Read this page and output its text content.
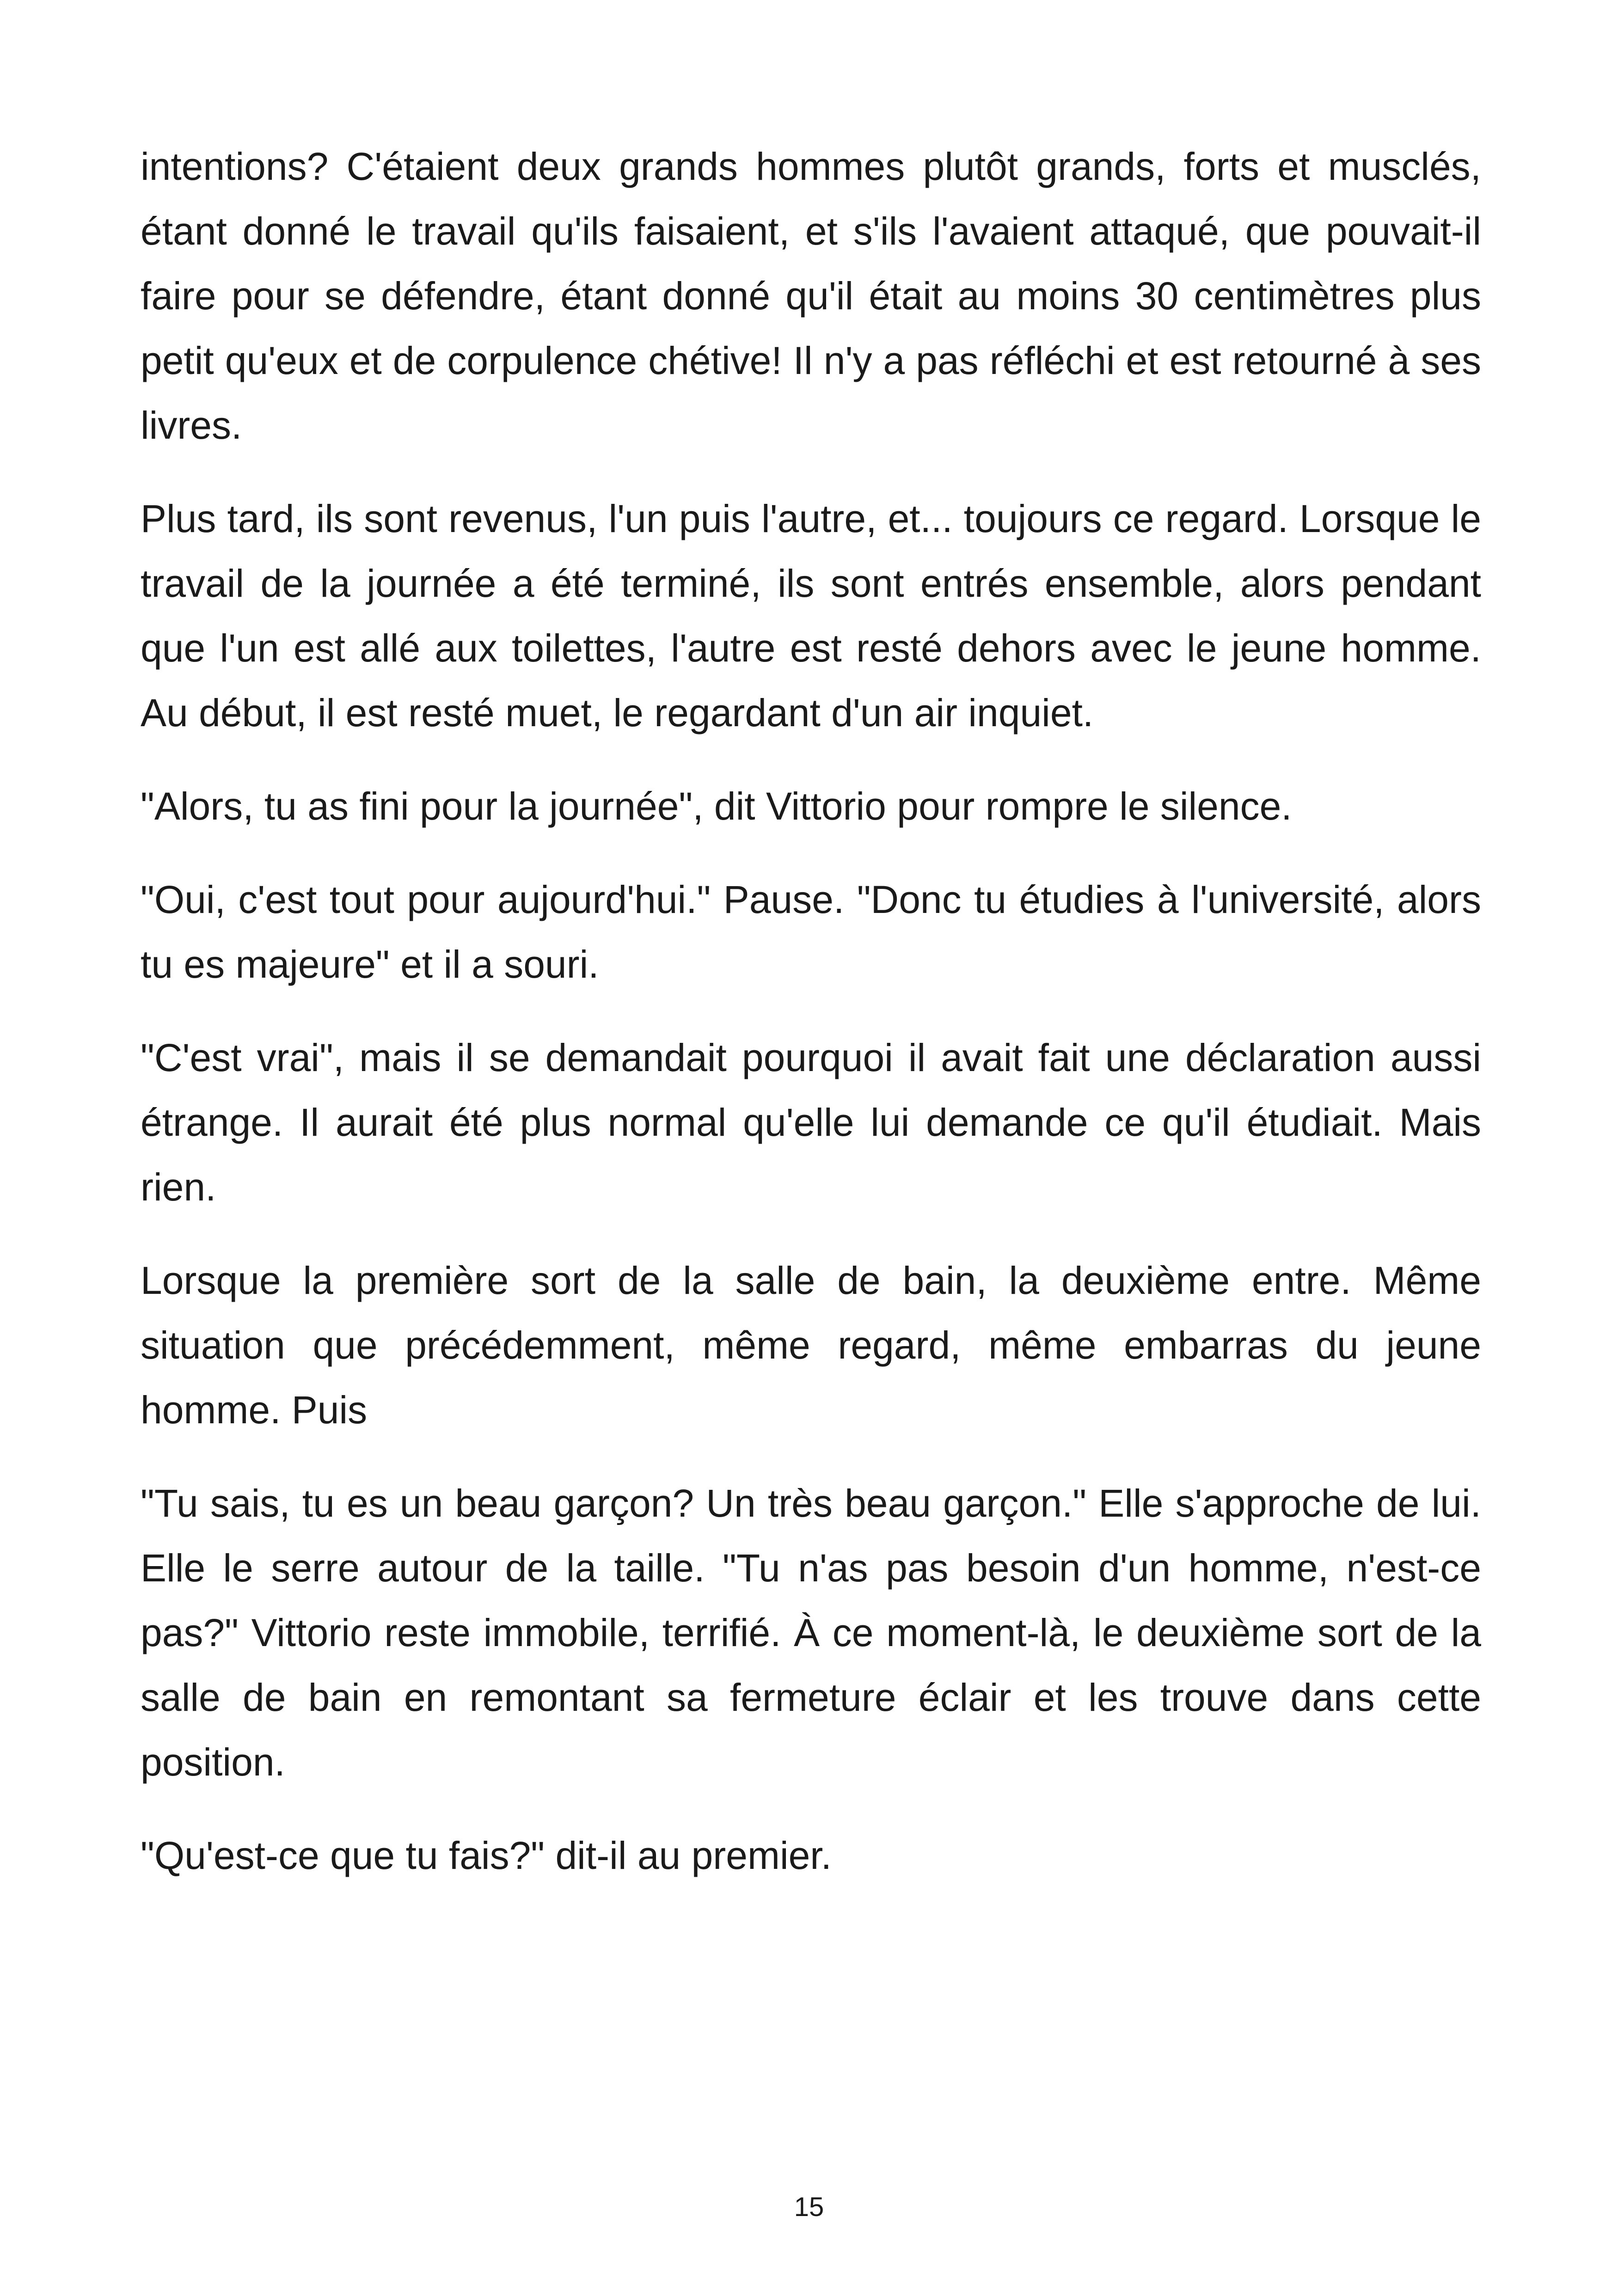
intentions? C'étaient deux grands hommes plutôt grands, forts et musclés, étant donné le travail qu'ils faisaient, et s'ils l'avaient attaqué, que pouvait-il faire pour se défendre, étant donné qu'il était au moins 30 centimètres plus petit qu'eux et de corpulence chétive! Il n'y a pas réfléchi et est retourné à ses livres.

Plus tard, ils sont revenus, l'un puis l'autre, et... toujours ce regard. Lorsque le travail de la journée a été terminé, ils sont entrés ensemble, alors pendant que l'un est allé aux toilettes, l'autre est resté dehors avec le jeune homme. Au début, il est resté muet, le regardant d'un air inquiet.

"Alors, tu as fini pour la journée", dit Vittorio pour rompre le silence.

"Oui, c'est tout pour aujourd'hui." Pause. "Donc tu étudies à l'université, alors tu es majeure" et il a souri.

"C'est vrai", mais il se demandait pourquoi il avait fait une déclaration aussi étrange. Il aurait été plus normal qu'elle lui demande ce qu'il étudiait. Mais rien.

Lorsque la première sort de la salle de bain, la deuxième entre. Même situation que précédemment, même regard, même embarras du jeune homme. Puis

"Tu sais, tu es un beau garçon? Un très beau garçon." Elle s'approche de lui. Elle le serre autour de la taille. "Tu n'as pas besoin d'un homme, n'est-ce pas?" Vittorio reste immobile, terrifié. À ce moment-là, le deuxième sort de la salle de bain en remontant sa fermeture éclair et les trouve dans cette position.

"Qu'est-ce que tu fais?" dit-il au premier.

15
